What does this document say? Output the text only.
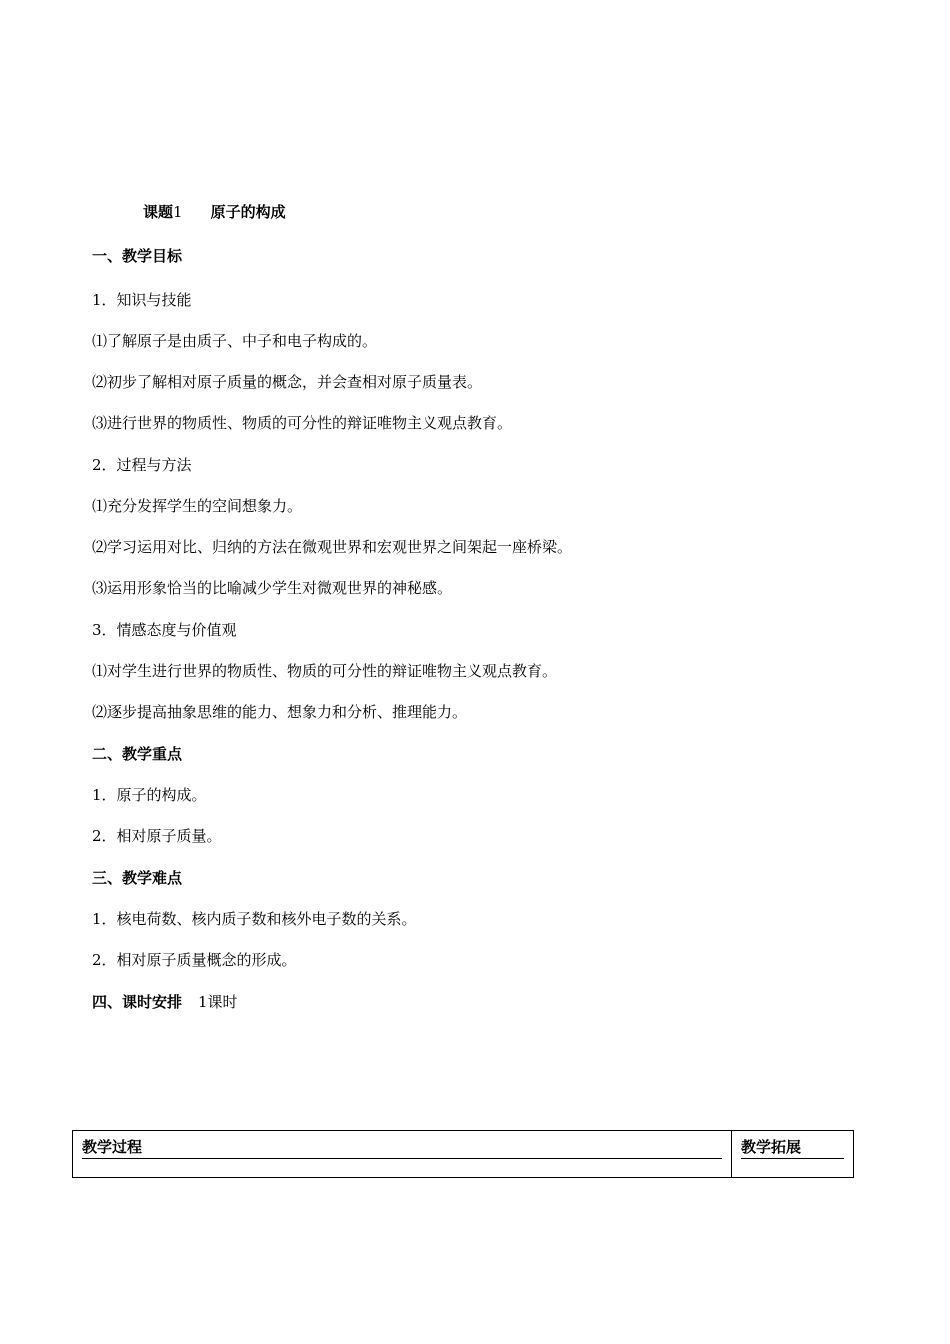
课题1 原子的构成
一、教学目标
1．知识与技能
⑴了解原子是由质子、中子和电子构成的。
⑵初步了解相对原子质量的概念，并会查相对原子质量表。
⑶进行世界的物质性、物质的可分性的辩证唯物主义观点教育。
2．过程与方法
⑴充分发挥学生的空间想象力。
⑵学习运用对比、归纳的方法在微观世界和宏观世界之间架起一座桥梁。
⑶运用形象恰当的比喻减少学生对微观世界的神秘感。
3．情感态度与价值观
⑴对学生进行世界的物质性、物质的可分性的辩证唯物主义观点教育。
⑵逐步提高抽象思维的能力、想象力和分析、推理能力。
二、教学重点
1．原子的构成。
2．相对原子质量。
三、教学难点
1．核电荷数、核内质子数和核外电子数的关系。
2．相对原子质量概念的形成。
四、课时安排 1课时
教学过程	教学拓展
